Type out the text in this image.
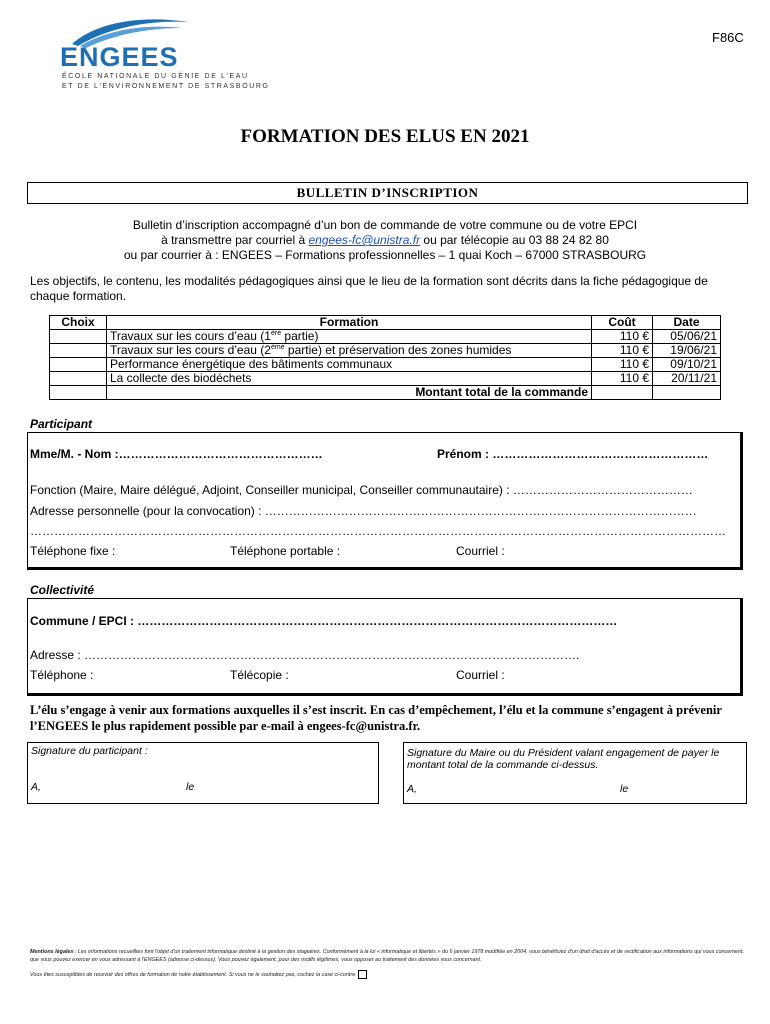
ENGEES
ÉCOLE NATIONALE DU GÉNIE DE L'EAU
ET DE L'ENVIRONNEMENT DE STRASBOURG
F86C
FORMATION DES ELUS EN 2021
BULLETIN D’INSCRIPTION
Bulletin d’inscription accompagné d’un bon de commande de votre commune ou de votre EPCI
à transmettre par courriel à engees-fc@unistra.fr ou par télécopie au 03 88 24 82 80
ou par courrier à : ENGEES – Formations professionnelles – 1 quai Koch – 67000 STRASBOURG
Les objectifs, le contenu, les modalités pédagogiques ainsi que le lieu de la formation sont décrits dans la fiche pédagogique de chaque formation.
Choix	Formation	Coût	Date
	Travaux sur les cours d’eau (1ère partie)	110 €	05/06/21
	Travaux sur les cours d’eau (2ème partie) et préservation des zones humides	110 €	19/06/21
	Performance énergétique des bâtiments communaux	110 €	09/10/21
	La collecte des biodéchets	110 €	20/11/21
	Montant total de la commande		
Participant
Mme/M. - Nom :……………………………………………	Prénom : ………………………………………………
Fonction (Maire, Maire délégué, Adjoint, Conseiller municipal, Conseiller communautaire) : ………………………………………
Adresse personnelle (pour la convocation) : ………………………………………………………………………………………………
…………………………………………………………………………………………………………………………………………………………
Téléphone fixe :	Téléphone portable :	Courriel :
Collectivité
Commune / EPCI : …………………………………………………………………………………………………………
Adresse : …………………………………………………………………………………………………………….
Téléphone :	Télécopie :	Courriel :
L’élu s’engage à venir aux formations auxquelles il s’est inscrit. En cas d’empêchement, l’élu et la commune s’engagent à prévenir l’ENGEES le plus rapidement possible par e-mail à engees-fc@unistra.fr.
Signature du participant :
A,	le
Signature du Maire ou du Président valant engagement de payer le montant total de la commande ci-dessus.
A,	le
Mentions légales : Les informations recueillies font l'objet d'un traitement informatique destiné à la gestion des stagiaires. Conformément à la loi « informatique et libertés » du 6 janvier 1978 modifiée en 2004, vous bénéficiez d'un droit d'accès et de rectification aux informations qui vous concernent, que vous pouvez exercer en vous adressant à l'ENGEES (adresse ci-dessus). Vous pouvez également, pour des motifs légitimes, vous opposer au traitement des données vous concernant.
Vous êtes susceptibles de recevoir des offres de formation de notre établissement. Si vous ne le souhaitez pas, cochez la case ci-contre
